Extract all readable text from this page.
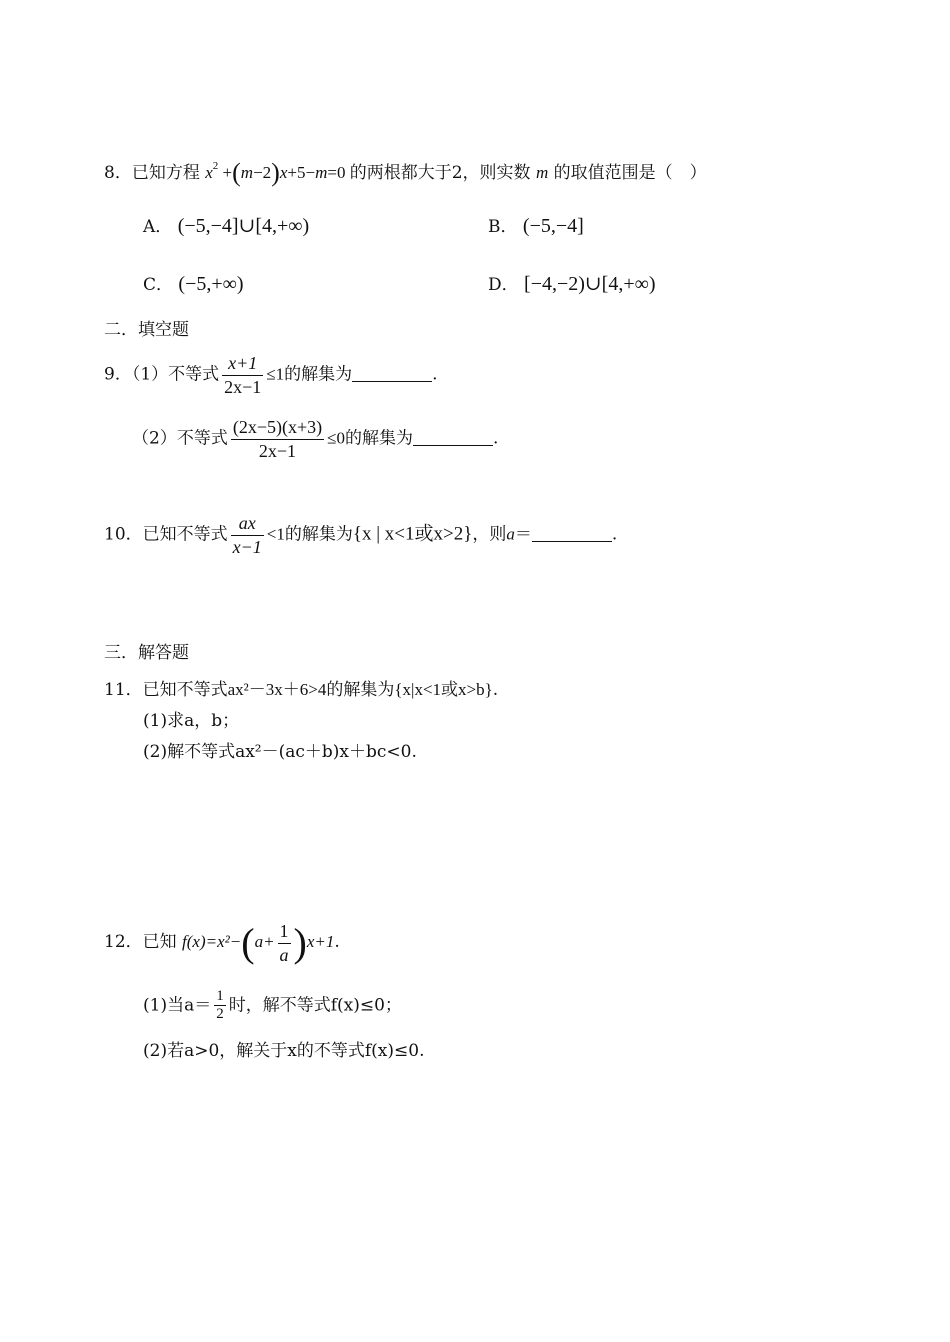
8．已知方程 $x^2 +(m-2)x+5-m=0$ 的两根都大于2，则实数 m 的取值范围是（　）
A． (−5,−4]∪[4,+∞)	B． (−5,−4]
C． (−5,+∞)	D． [−4,−2)∪[4,+∞)
二．填空题
9．（1）不等式 $\frac{x+1}{2x-1} \le 1$的解集为	.
（2）不等式 $\frac{(2x-5)(x+3)}{2x-1} \le 0$的解集为	.
10．已知不等式 $\frac{ax}{x-1} <1$的解集为{x | x<1或x>2}，则a＝	.
三．解答题
11．已知不等式ax²－3x＋6>4的解集为{x|x<1或x>b}.
(1)求a，b；
(2)解不等式ax²－(ac＋b)x＋bc<0.
12．已知 $f(x)=x^2-(a+ \frac{1}{a} )x+1$.
(1)当$a= \frac{1}{2}$ 时，解不等式f(x)≤0；
(2)若a>0，解关于x的不等式f(x)≤0.
